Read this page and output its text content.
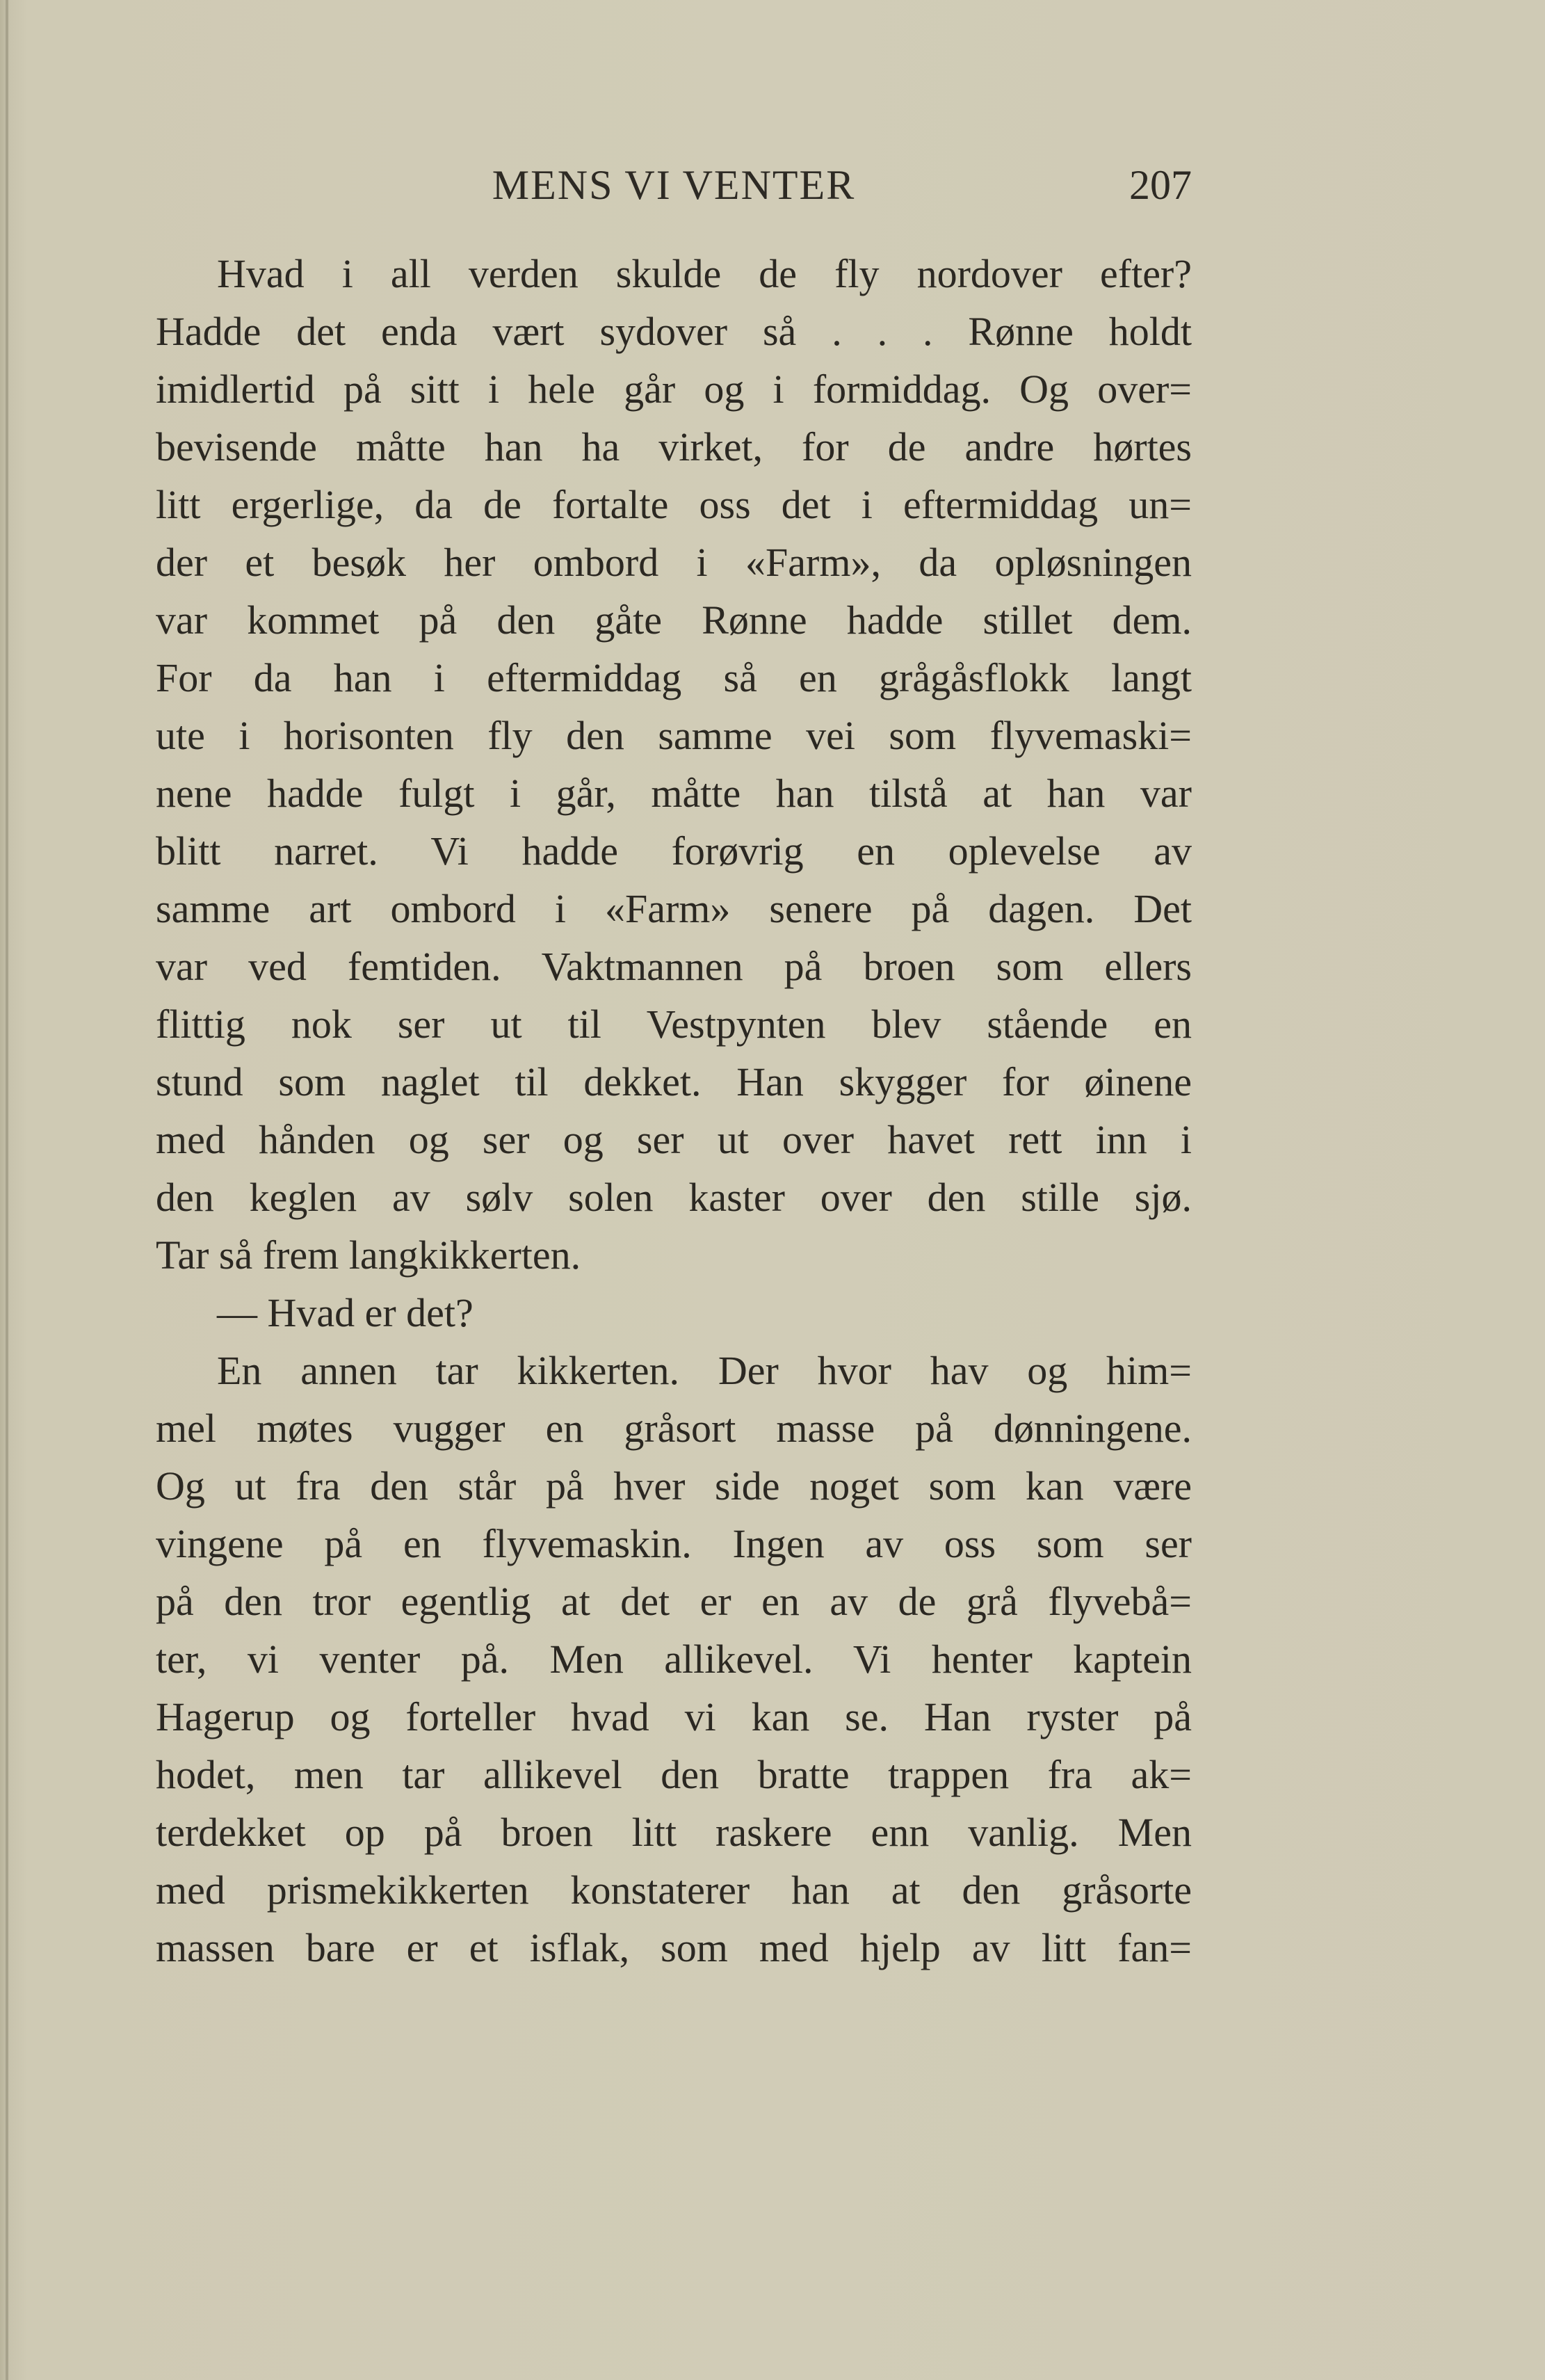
MENS VI VENTER	207
Hvad i all verden skulde de fly nordover efter?
Hadde det enda vært sydover så . . . Rønne holdt
imidlertid på sitt i hele går og i formiddag. Og over=
bevisende måtte han ha virket, for de andre hørtes
litt ergerlige, da de fortalte oss det i eftermiddag un=
der et besøk her ombord i «Farm», da opløsningen
var kommet på den gåte Rønne hadde stillet dem.
For da han i eftermiddag så en grågåsflokk langt
ute i horisonten fly den samme vei som flyvemaski=
nene hadde fulgt i går, måtte han tilstå at han var
blitt narret. Vi hadde forøvrig en oplevelse av
samme art ombord i «Farm» senere på dagen. Det
var ved femtiden. Vaktmannen på broen som ellers
flittig nok ser ut til Vestpynten blev stående en
stund som naglet til dekket. Han skygger for øinene
med hånden og ser og ser ut over havet rett inn i
den keglen av sølv solen kaster over den stille sjø.
Tar så frem langkikkerten.
— Hvad er det?
En annen tar kikkerten. Der hvor hav og him=
mel møtes vugger en gråsort masse på dønningene.
Og ut fra den står på hver side noget som kan være
vingene på en flyvemaskin. Ingen av oss som ser
på den tror egentlig at det er en av de grå flyvebå=
ter, vi venter på. Men allikevel. Vi henter kaptein
Hagerup og forteller hvad vi kan se. Han ryster på
hodet, men tar allikevel den bratte trappen fra ak=
terdekket op på broen litt raskere enn vanlig. Men
med prismekikkerten konstaterer han at den gråsorte
massen bare er et isflak, som med hjelp av litt fan=
